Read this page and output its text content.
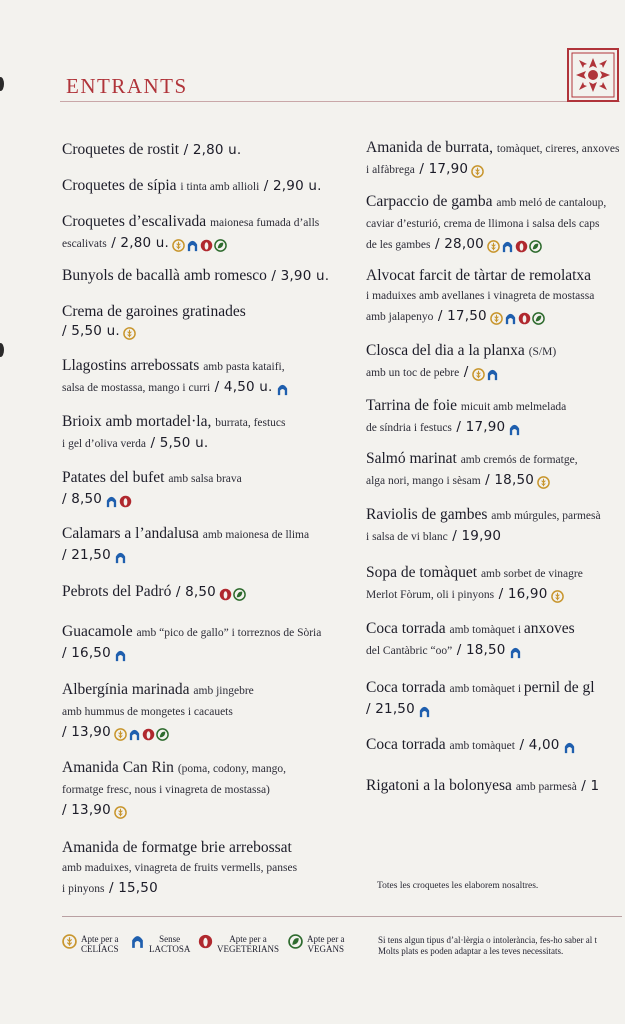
ENTRANTS
Croquetes de rostit / 2,80 u.
Croquetes de sípia i tinta amb allioli / 2,90 u.
Croquetes d’escalivada maionesa fumada d’alls
escalivats / 2,80 u.
Bunyols de bacallà amb romesco / 3,90 u.
Crema de garoines gratinades
/ 5,50 u.
Llagostins arrebossats amb pasta kataifi,
salsa de mostassa, mango i curri / 4,50 u.
Brioix amb mortadel·la, burrata, festucs
i gel d’oliva verda / 5,50 u.
Patates del bufet amb salsa brava
/ 8,50
Calamars a l’andalusa amb maionesa de llima
/ 21,50
Pebrots del Padró / 8,50
Guacamole amb “pico de gallo” i torreznos de Sòria
/ 16,50
Albergínia marinada amb jingebre
amb hummus de mongetes i cacauets
/ 13,90
Amanida Can Rin (poma, codony, mango,
formatge fresc, nous i vinagreta de mostassa)
/ 13,90
Amanida de formatge brie arrebossat
amb maduixes, vinagreta de fruits vermells, panses
i pinyons / 15,50
Amanida de burrata, tomàquet, cireres, anxoves
i alfàbrega / 17,90
Carpaccio de gamba amb meló de cantaloup,
caviar d’esturió, crema de llimona i salsa dels caps
de les gambes / 28,00
Alvocat farcit de tàrtar de remolatxa
i maduixes amb avellanes i vinagreta de mostassa
amb jalapenyo / 17,50
Closca del dia a la planxa (S/M)
amb un toc de pebre /
Tarrina de foie micuit amb melmelada
de síndria i festucs / 17,90
Salmó marinat amb cremós de formatge,
alga nori, mango i sèsam / 18,50
Raviolis de gambes amb múrgules, parmesà
i salsa de vi blanc / 19,90
Sopa de tomàquet amb sorbet de vinagre
Merlot Fòrum, oli i pinyons / 16,90
Coca torrada amb tomàquet i anxoves
del Cantàbric “oo” / 18,50
Coca torrada amb tomàquet i pernil de gl
/ 21,50
Coca torrada amb tomàquet / 4,00
Rigatoni a la bolonyesa amb parmesà / 1
Totes les croquetes les elaborem nosaltres.
Apte per a
CELÍACS
Sense
LACTOSA
Apte per a
VEGETERIANS
Apte per a
VEGANS
Si tens algun tipus d’al·lèrgia o intolerància, fes-ho saber al t
Molts plats es poden adaptar a les teves necessitats.
